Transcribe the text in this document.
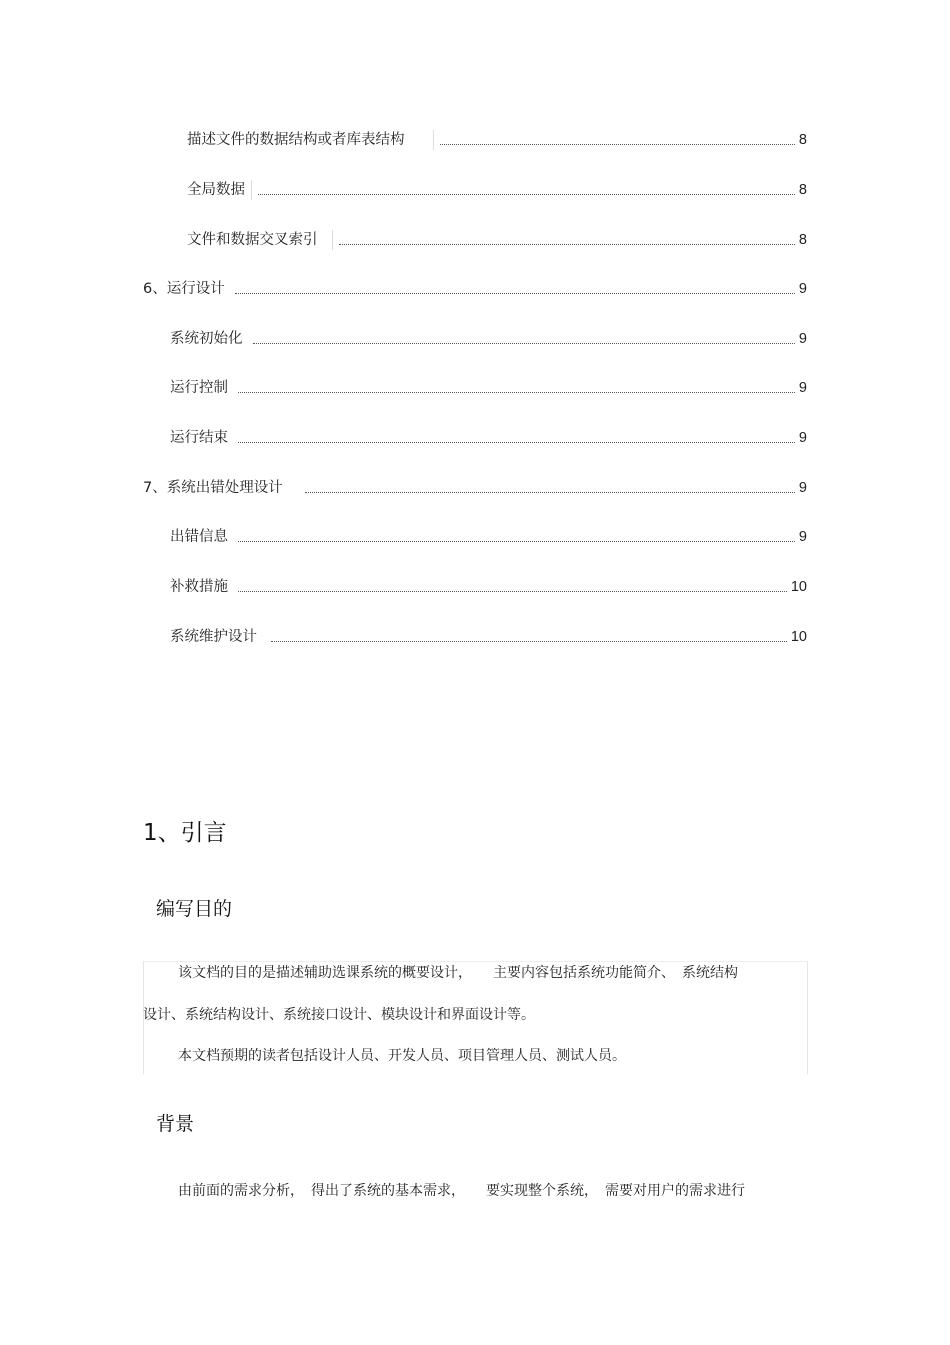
描述文件的数据结构或者库表结构	8
全局数据	8
文件和数据交叉索引	8
6、运行设计	9
系统初始化	9
运行控制	9
运行结束	9
7、系统出错处理设计	9
出错信息	9
补救措施	10
系统维护设计	10
1、引言
编写目的
该文档的目的是描述辅助选课系统的概要设计，　　主要内容包括系统功能简介、　系统结构
设计、系统结构设计、系统接口设计、模块设计和界面设计等。
本文档预期的读者包括设计人员、开发人员、项目管理人员、测试人员。
背景
由前面的需求分析，　得出了系统的基本需求，　　要实现整个系统，　需要对用户的需求进行
